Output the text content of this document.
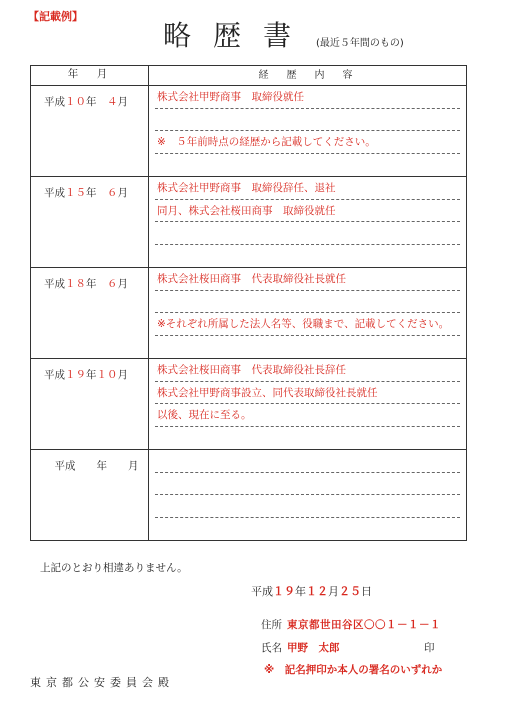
【記載例】
略歴書 (最近５年間のもの)
年　月	経　歴　内　容

平成１０年　 ４月	株式会社甲野商事　取締役就任
※　５年前時点の経歴から記載してください。

平成１５年　 ６月	株式会社甲野商事　取締役辞任、退社
同月、株式会社桜田商事　取締役就任

平成１８年　 ６月	株式会社桜田商事　代表取締役社長就任
※それぞれ所属した法人名等、役職まで、記載してください。

平成１９年１０月	株式会社桜田商事　代表取締役社長辞任
株式会社甲野商事設立、同代表取締役社長就任
以後、現在に至る。

　平成　　 年　　 月	

上記のとおり相違ありません。
平成１９年１２月２５日
住所 東京都世田谷区〇〇１－１－１
氏名 甲野　太郎	印
※　記名押印か本人の署名のいずれか
東京都公安委員会殿
